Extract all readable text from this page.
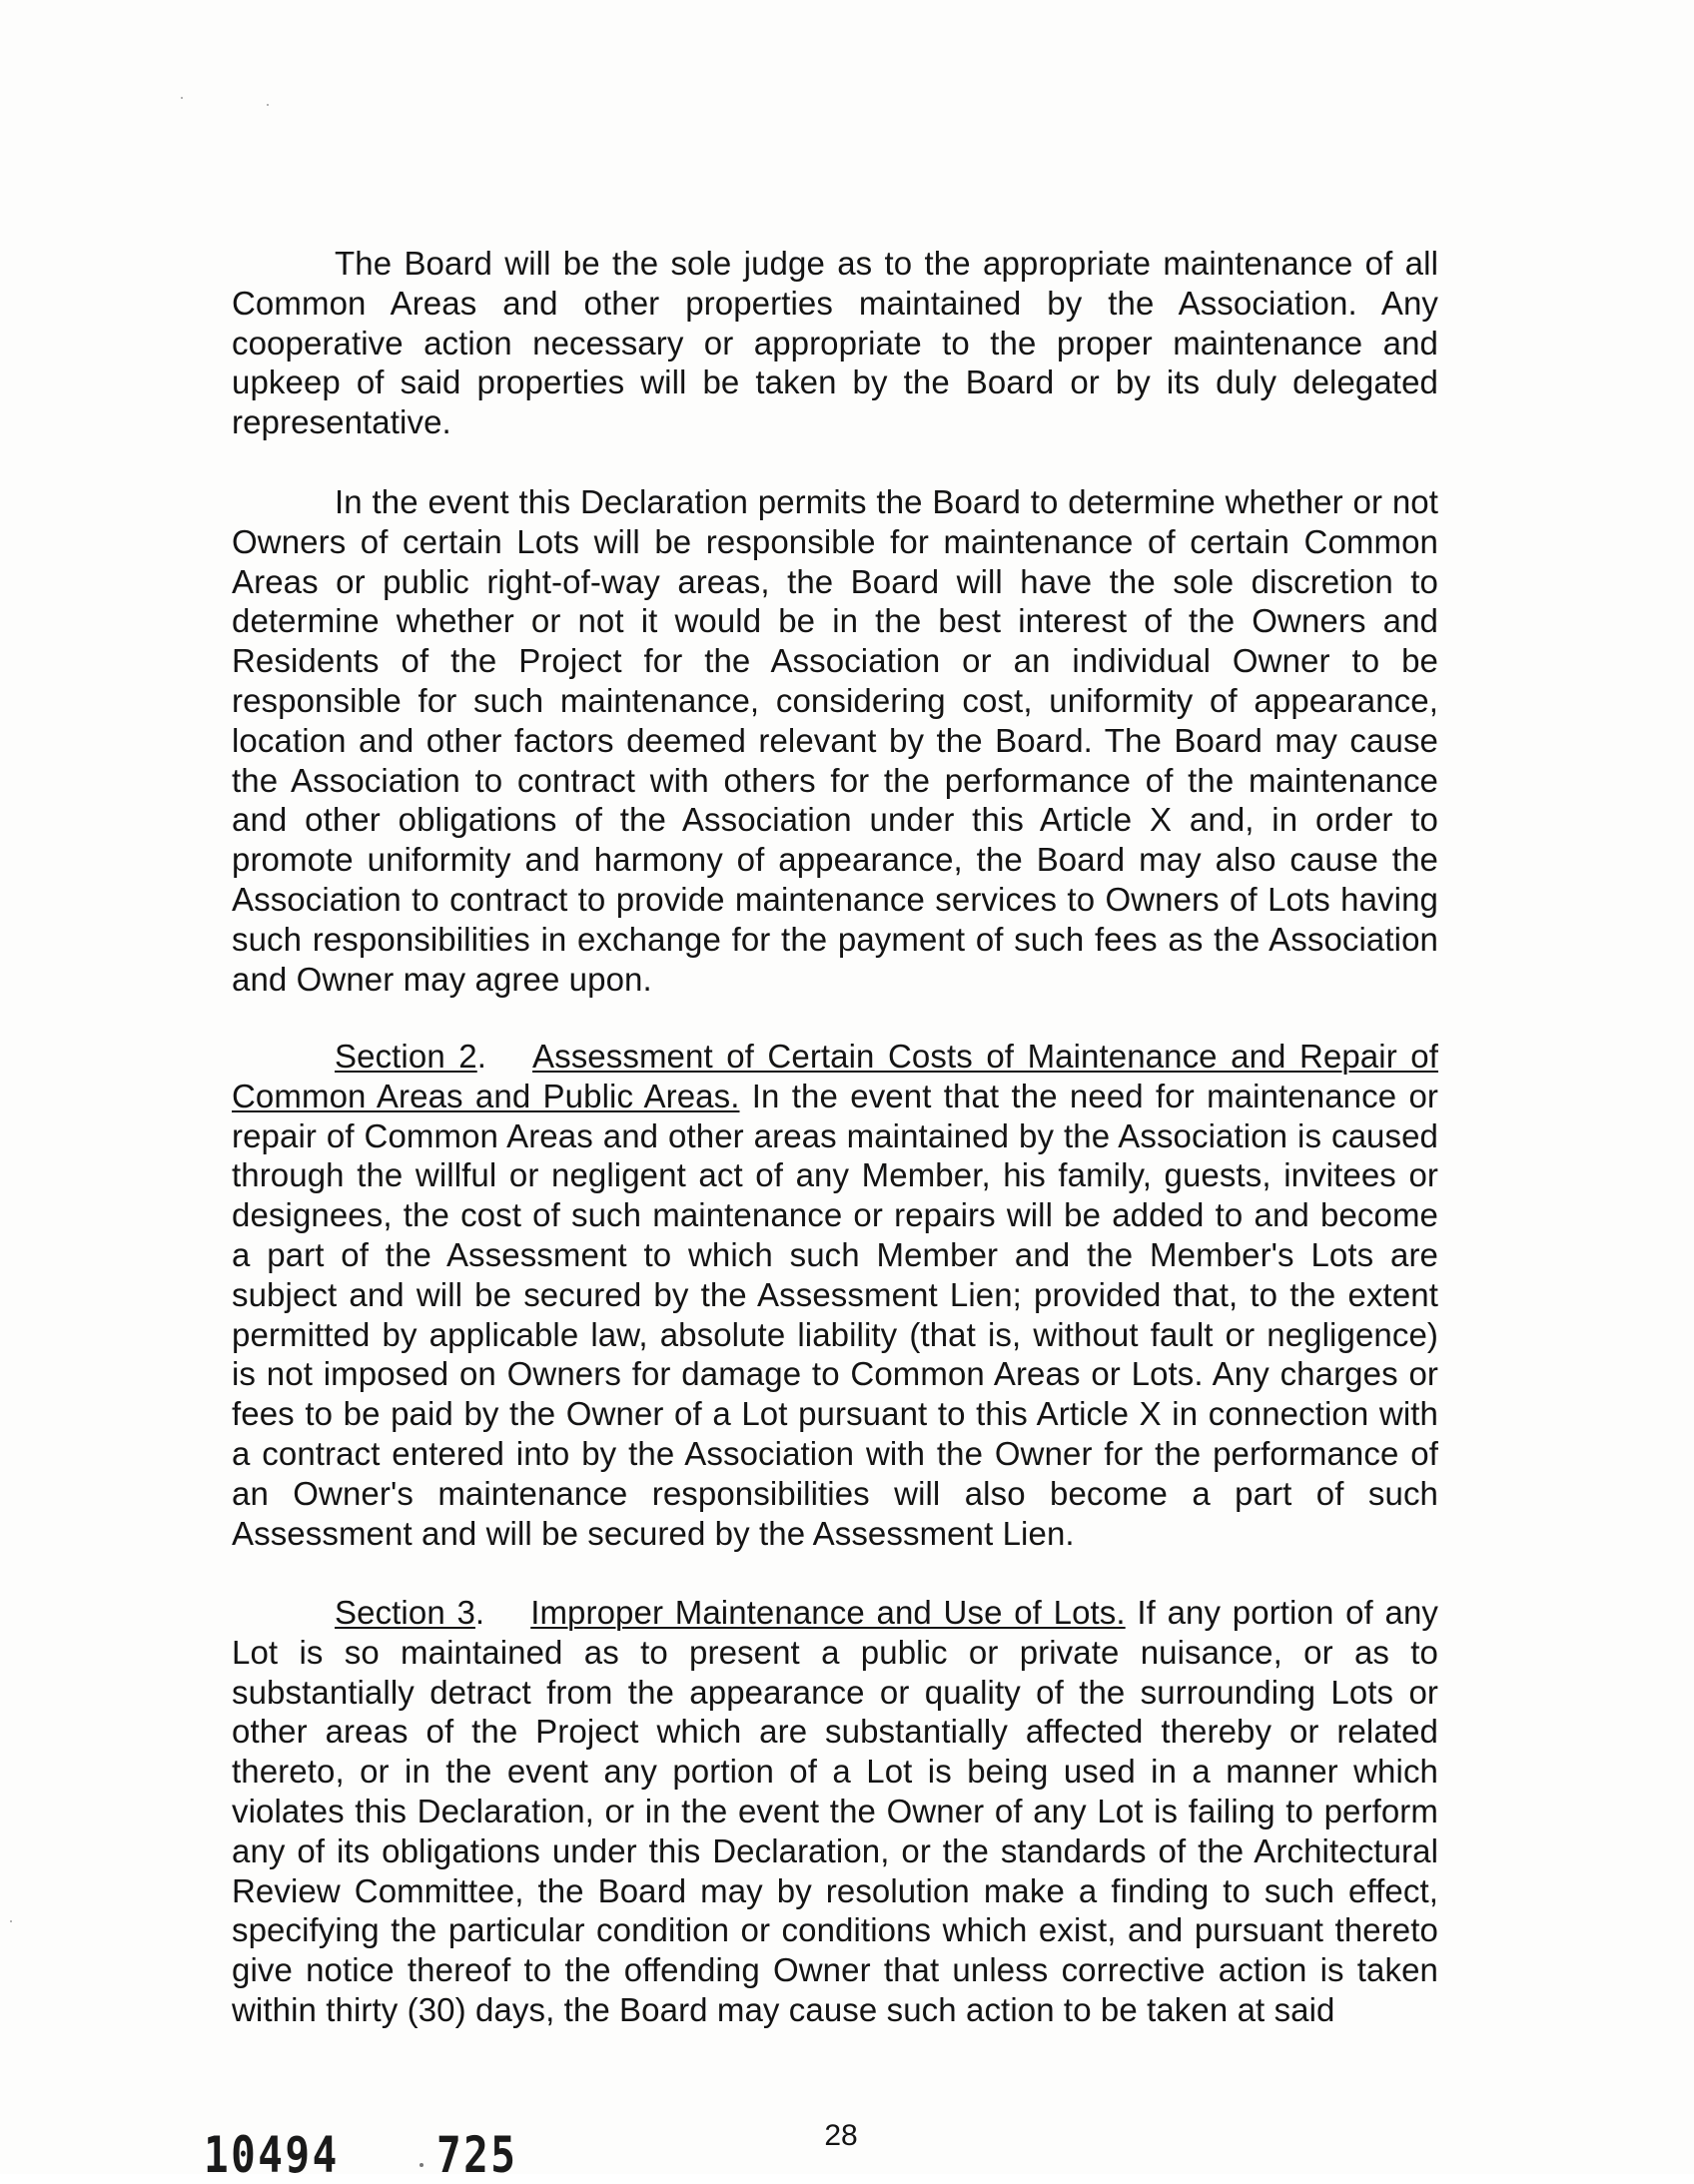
The Board will be the sole judge as to the appropriate maintenance of all Common Areas and other properties maintained by the Association. Any cooperative action necessary or appropriate to the proper maintenance and upkeep of said properties will be taken by the Board or by its duly delegated representative.

In the event this Declaration permits the Board to determine whether or not Owners of certain Lots will be responsible for maintenance of certain Common Areas or public right-of-way areas, the Board will have the sole discretion to determine whether or not it would be in the best interest of the Owners and Residents of the Project for the Association or an individual Owner to be responsible for such maintenance, considering cost, uniformity of appearance, location and other factors deemed relevant by the Board. The Board may cause the Association to contract with others for the performance of the maintenance and other obligations of the Association under this Article X and, in order to promote uniformity and harmony of appearance, the Board may also cause the Association to contract to provide maintenance services to Owners of Lots having such responsibilities in exchange for the payment of such fees as the Association and Owner may agree upon.

Section 2. Assessment of Certain Costs of Maintenance and Repair of Common Areas and Public Areas. In the event that the need for maintenance or repair of Common Areas and other areas maintained by the Association is caused through the willful or negligent act of any Member, his family, guests, invitees or designees, the cost of such maintenance or repairs will be added to and become a part of the Assessment to which such Member and the Member's Lots are subject and will be secured by the Assessment Lien; provided that, to the extent permitted by applicable law, absolute liability (that is, without fault or negligence) is not imposed on Owners for damage to Common Areas or Lots. Any charges or fees to be paid by the Owner of a Lot pursuant to this Article X in connection with a contract entered into by the Association with the Owner for the performance of an Owner's maintenance responsibilities will also become a part of such Assessment and will be secured by the Assessment Lien.

Section 3. Improper Maintenance and Use of Lots. If any portion of any Lot is so maintained as to present a public or private nuisance, or as to substantially detract from the appearance or quality of the surrounding Lots or other areas of the Project which are substantially affected thereby or related thereto, or in the event any portion of a Lot is being used in a manner which violates this Declaration, or in the event the Owner of any Lot is failing to perform any of its obligations under this Declaration, or the standards of the Architectural Review Committee, the Board may by resolution make a finding to such effect, specifying the particular condition or conditions which exist, and pursuant thereto give notice thereof to the offending Owner that unless corrective action is taken within thirty (30) days, the Board may cause such action to be taken at said

28
10494 725
